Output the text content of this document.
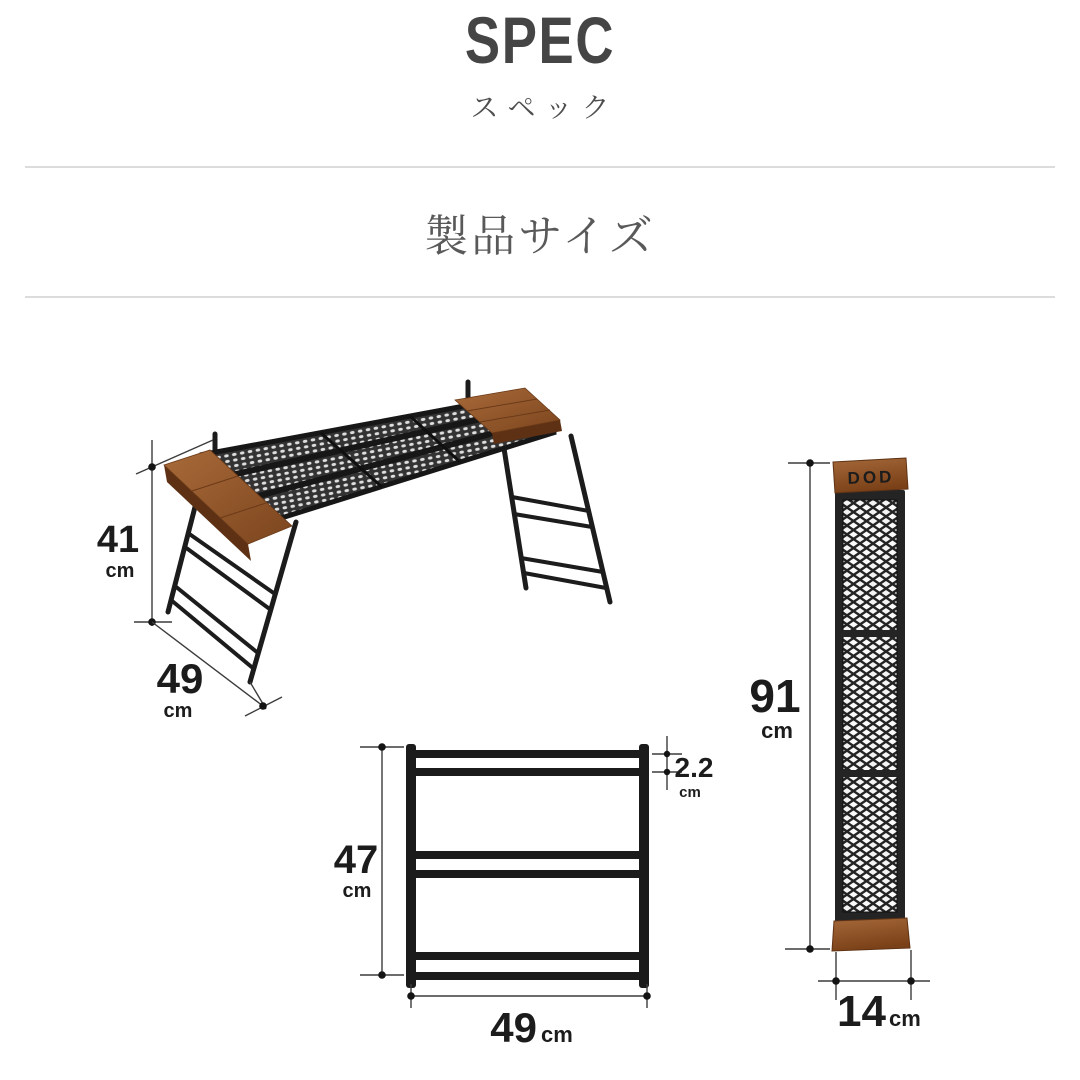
SPEC
スペック
製品サイズ
41
cm
49
cm
47
cm
49 cm
2.2
cm
DOD
91
cm
14 cm
